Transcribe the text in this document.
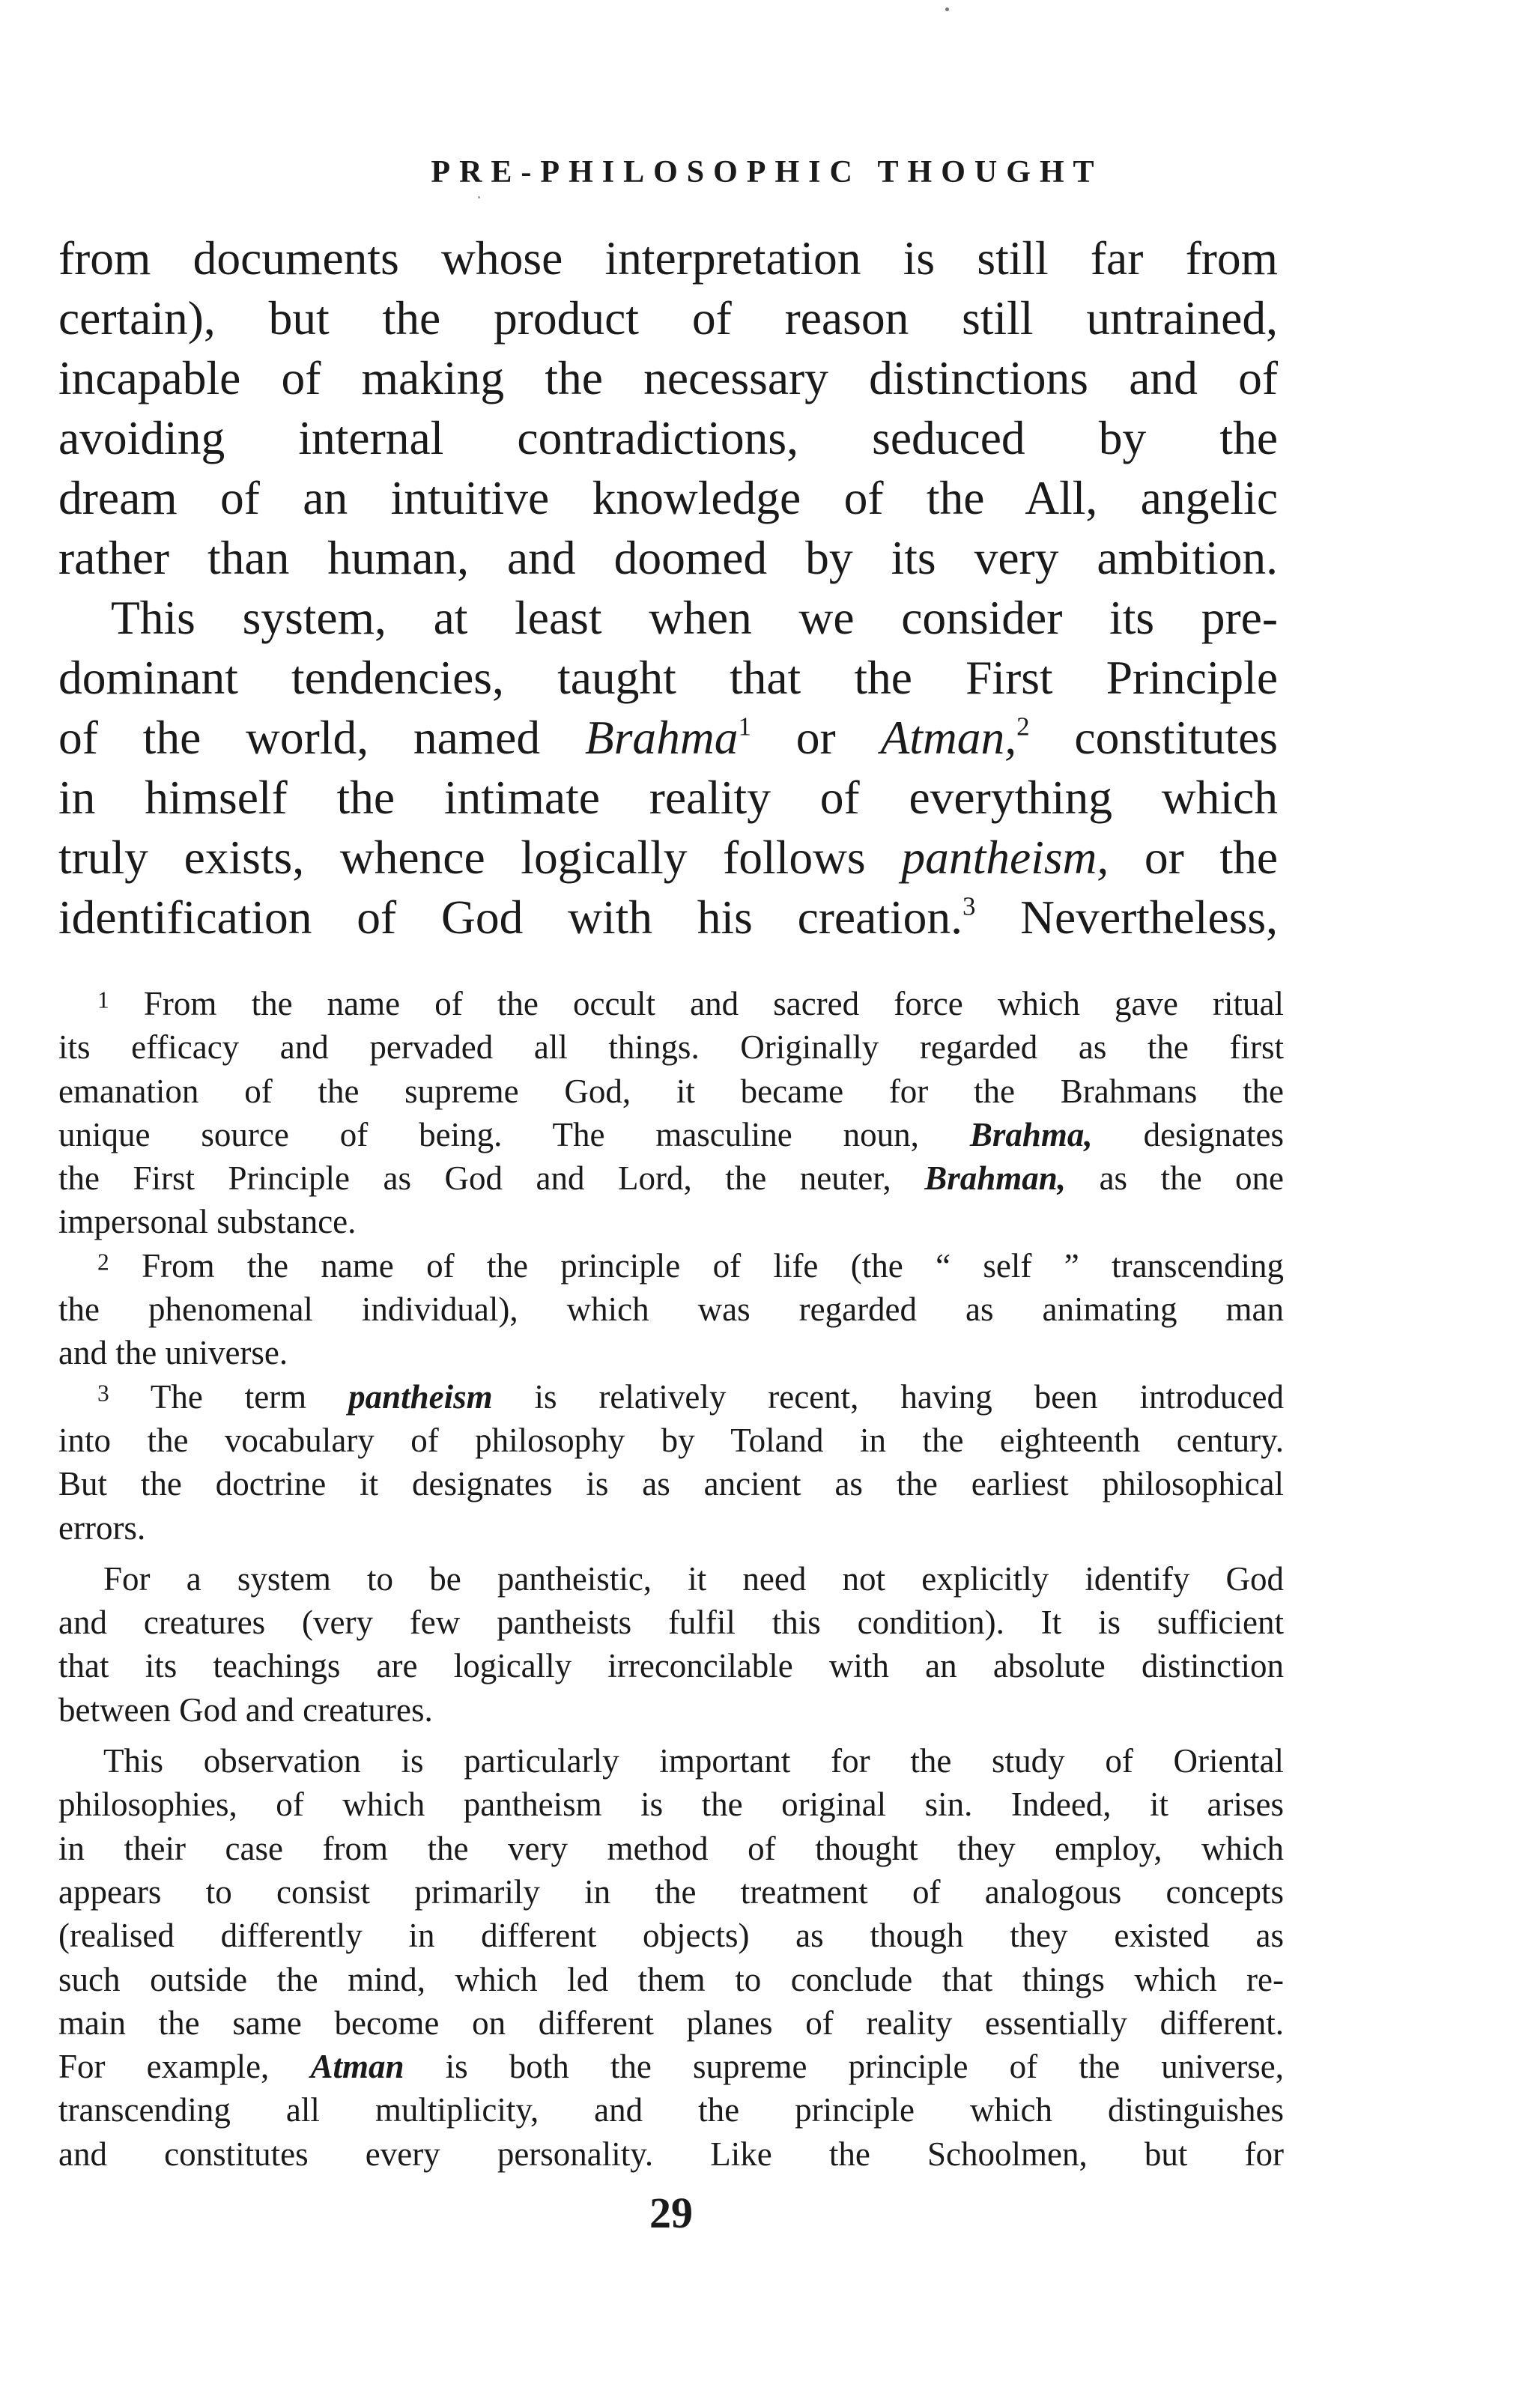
PRE-PHILOSOPHIC THOUGHT
from documents whose interpretation is still far from
certain), but the product of reason still untrained,
incapable of making the necessary distinctions and of
avoiding internal contradictions, seduced by the
dream of an intuitive knowledge of the All, angelic
rather than human, and doomed by its very ambition.
This system, at least when we consider its pre-
dominant tendencies, taught that the First Principle
of the world, named Brahma$^1$ or Atman,$^2$ constitutes
in himself the intimate reality of everything which
truly exists, whence logically follows pantheism, or the
identification of God with his creation.$^3$ Nevertheless,
$^1$ From the name of the occult and sacred force which gave ritual
its efficacy and pervaded all things. Originally regarded as the first
emanation of the supreme God, it became for the Brahmans the
unique source of being. The masculine noun, Brahma, designates
the First Principle as God and Lord, the neuter, Brahman, as the one
impersonal substance.
$^2$ From the name of the principle of life (the “ self ” transcending
the phenomenal individual), which was regarded as animating man
and the universe.
$^3$ The term pantheism is relatively recent, having been introduced
into the vocabulary of philosophy by Toland in the eighteenth century.
But the doctrine it designates is as ancient as the earliest philosophical
errors.
For a system to be pantheistic, it need not explicitly identify God
and creatures (very few pantheists fulfil this condition). It is sufficient
that its teachings are logically irreconcilable with an absolute distinction
between God and creatures.
This observation is particularly important for the study of Oriental
philosophies, of which pantheism is the original sin. Indeed, it arises
in their case from the very method of thought they employ, which
appears to consist primarily in the treatment of analogous concepts
(realised differently in different objects) as though they existed as
such outside the mind, which led them to conclude that things which re-
main the same become on different planes of reality essentially different.
For example, Atman is both the supreme principle of the universe,
transcending all multiplicity, and the principle which distinguishes
and constitutes every personality. Like the Schoolmen, but for
29
